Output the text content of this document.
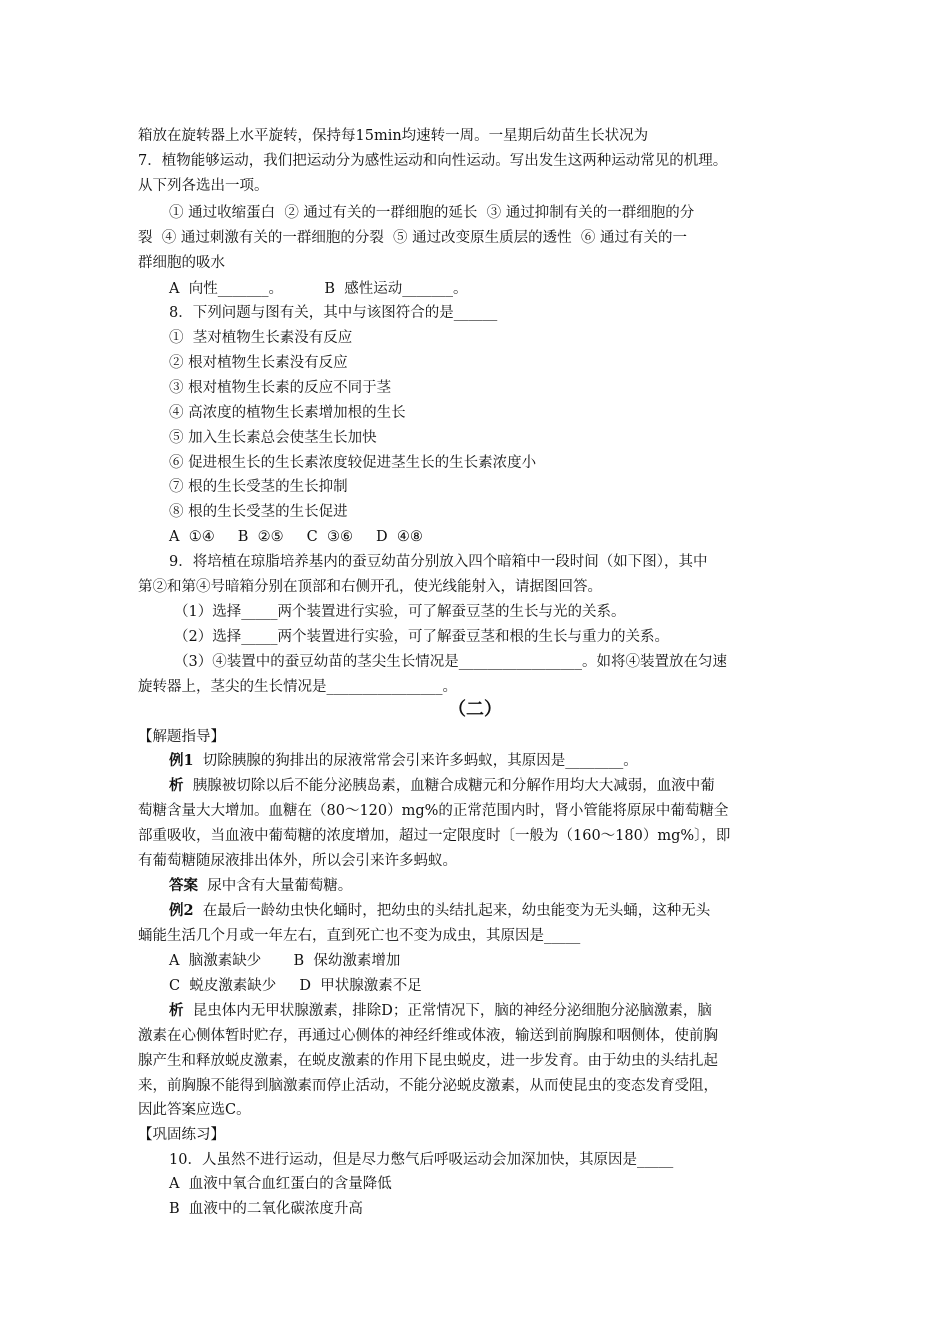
箱放在旋转器上水平旋转，保持每15min均速转一周。一星期后幼苗生长状况为

7．植物能够运动，我们把运动分为感性运动和向性运动。写出发生这两种运动常见的机理。

从下列各选出一项。

① 通过收缩蛋白  ② 通过有关的一群细胞的延长  ③ 通过抑制有关的一群细胞的分

裂  ④ 通过刺激有关的一群细胞的分裂  ⑤ 通过改变原生质层的透性  ⑥ 通过有关的一

群细胞的吸水

A  向性_______。         B  感性运动_______。

8．下列问题与图有关，其中与该图符合的是______

①  茎对植物生长素没有反应

② 根对植物生长素没有反应

③ 根对植物生长素的反应不同于茎

④ 高浓度的植物生长素增加根的生长

⑤ 加入生长素总会使茎生长加快

⑥ 促进根生长的生长素浓度较促进茎生长的生长素浓度小

⑦ 根的生长受茎的生长抑制

⑧ 根的生长受茎的生长促进

A  ①④     B  ②⑤     C  ③⑥     D  ④⑧

9．将培植在琼脂培养基内的蚕豆幼苗分别放入四个暗箱中一段时间（如下图），其中

第②和第④号暗箱分别在顶部和右侧开孔，使光线能射入，请据图回答。

（1）选择_____两个装置进行实验，可了解蚕豆茎的生长与光的关系。

（2）选择_____两个装置进行实验，可了解蚕豆茎和根的生长与重力的关系。

（3）④装置中的蚕豆幼苗的茎尖生长情况是_________________。如将④装置放在匀速

旋转器上，茎尖的生长情况是________________。

（二）

【解题指导】

例1  切除胰腺的狗排出的尿液常常会引来许多蚂蚁，其原因是________。

析  胰腺被切除以后不能分泌胰岛素，血糖合成糖元和分解作用均大大减弱，血液中葡

萄糖含量大大增加。血糖在（80～120）mg%的正常范围内时，肾小管能将原尿中葡萄糖全

部重吸收，当血液中葡萄糖的浓度增加，超过一定限度时〔一般为（160～180）mg%〕，即

有葡萄糖随尿液排出体外，所以会引来许多蚂蚁。

答案  尿中含有大量葡萄糖。

例2  在最后一龄幼虫快化蛹时，把幼虫的头结扎起来，幼虫能变为无头蛹，这种无头

蛹能生活几个月或一年左右，直到死亡也不变为成虫，其原因是_____

A  脑激素缺少       B  保幼激素增加

C  蜕皮激素缺少     D  甲状腺激素不足

析  昆虫体内无甲状腺激素，排除D；正常情况下，脑的神经分泌细胞分泌脑激素，脑

激素在心侧体暂时贮存，再通过心侧体的神经纤维或体液，输送到前胸腺和咽侧体，使前胸

腺产生和释放蜕皮激素，在蜕皮激素的作用下昆虫蜕皮，进一步发育。由于幼虫的头结扎起

来，前胸腺不能得到脑激素而停止活动，不能分泌蜕皮激素，从而使昆虫的变态发育受阻，

因此答案应选C。

【巩固练习】

10．人虽然不进行运动，但是尽力憋气后呼吸运动会加深加快，其原因是_____

A  血液中氧合血红蛋白的含量降低

B  血液中的二氧化碳浓度升高
